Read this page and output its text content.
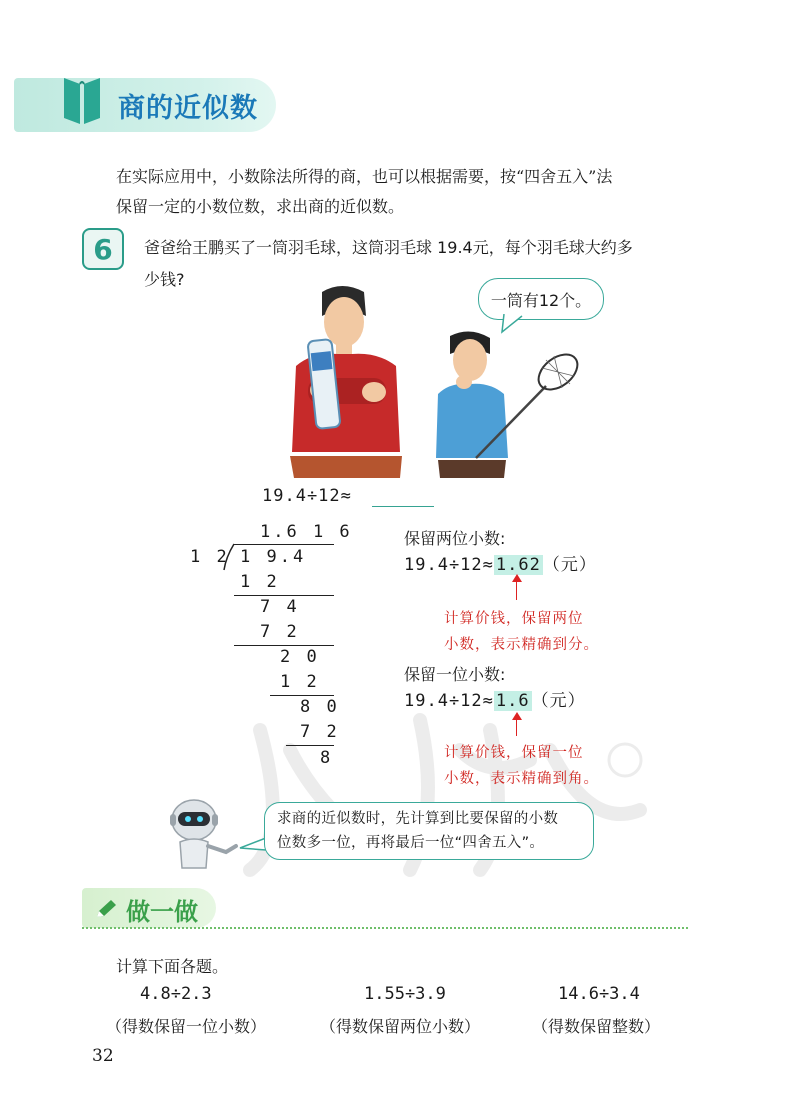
商的近似数
在实际应用中，小数除法所得的商，也可以根据需要，按“四舍五入”法
保留一定的小数位数，求出商的近似数。
6	爸爸给王鹏买了一筒羽毛球，这筒羽毛球 19.4元，每个羽毛球大约多
少钱?
一筒有12个。
19.4÷12≈
1.6 1 6
1 2 1 9.4
1 2
7 4
7 2
2 0
1 2
8 0
7 2
8
保留两位小数:
19.4÷12≈ 1.62 （元）
计算价钱，保留两位
小数，表示精确到分。
保留一位小数:
19.4÷12≈ 1.6 （元）
计算价钱，保留一位
小数，表示精确到角。
求商的近似数时，先计算到比要保留的小数
位数多一位，再将最后一位“四舍五入”。
做一做
计算下面各题。
4.8÷2.3	1.55÷3.9	14.6÷3.4
（得数保留一位小数）	（得数保留两位小数）	（得数保留整数）
32
